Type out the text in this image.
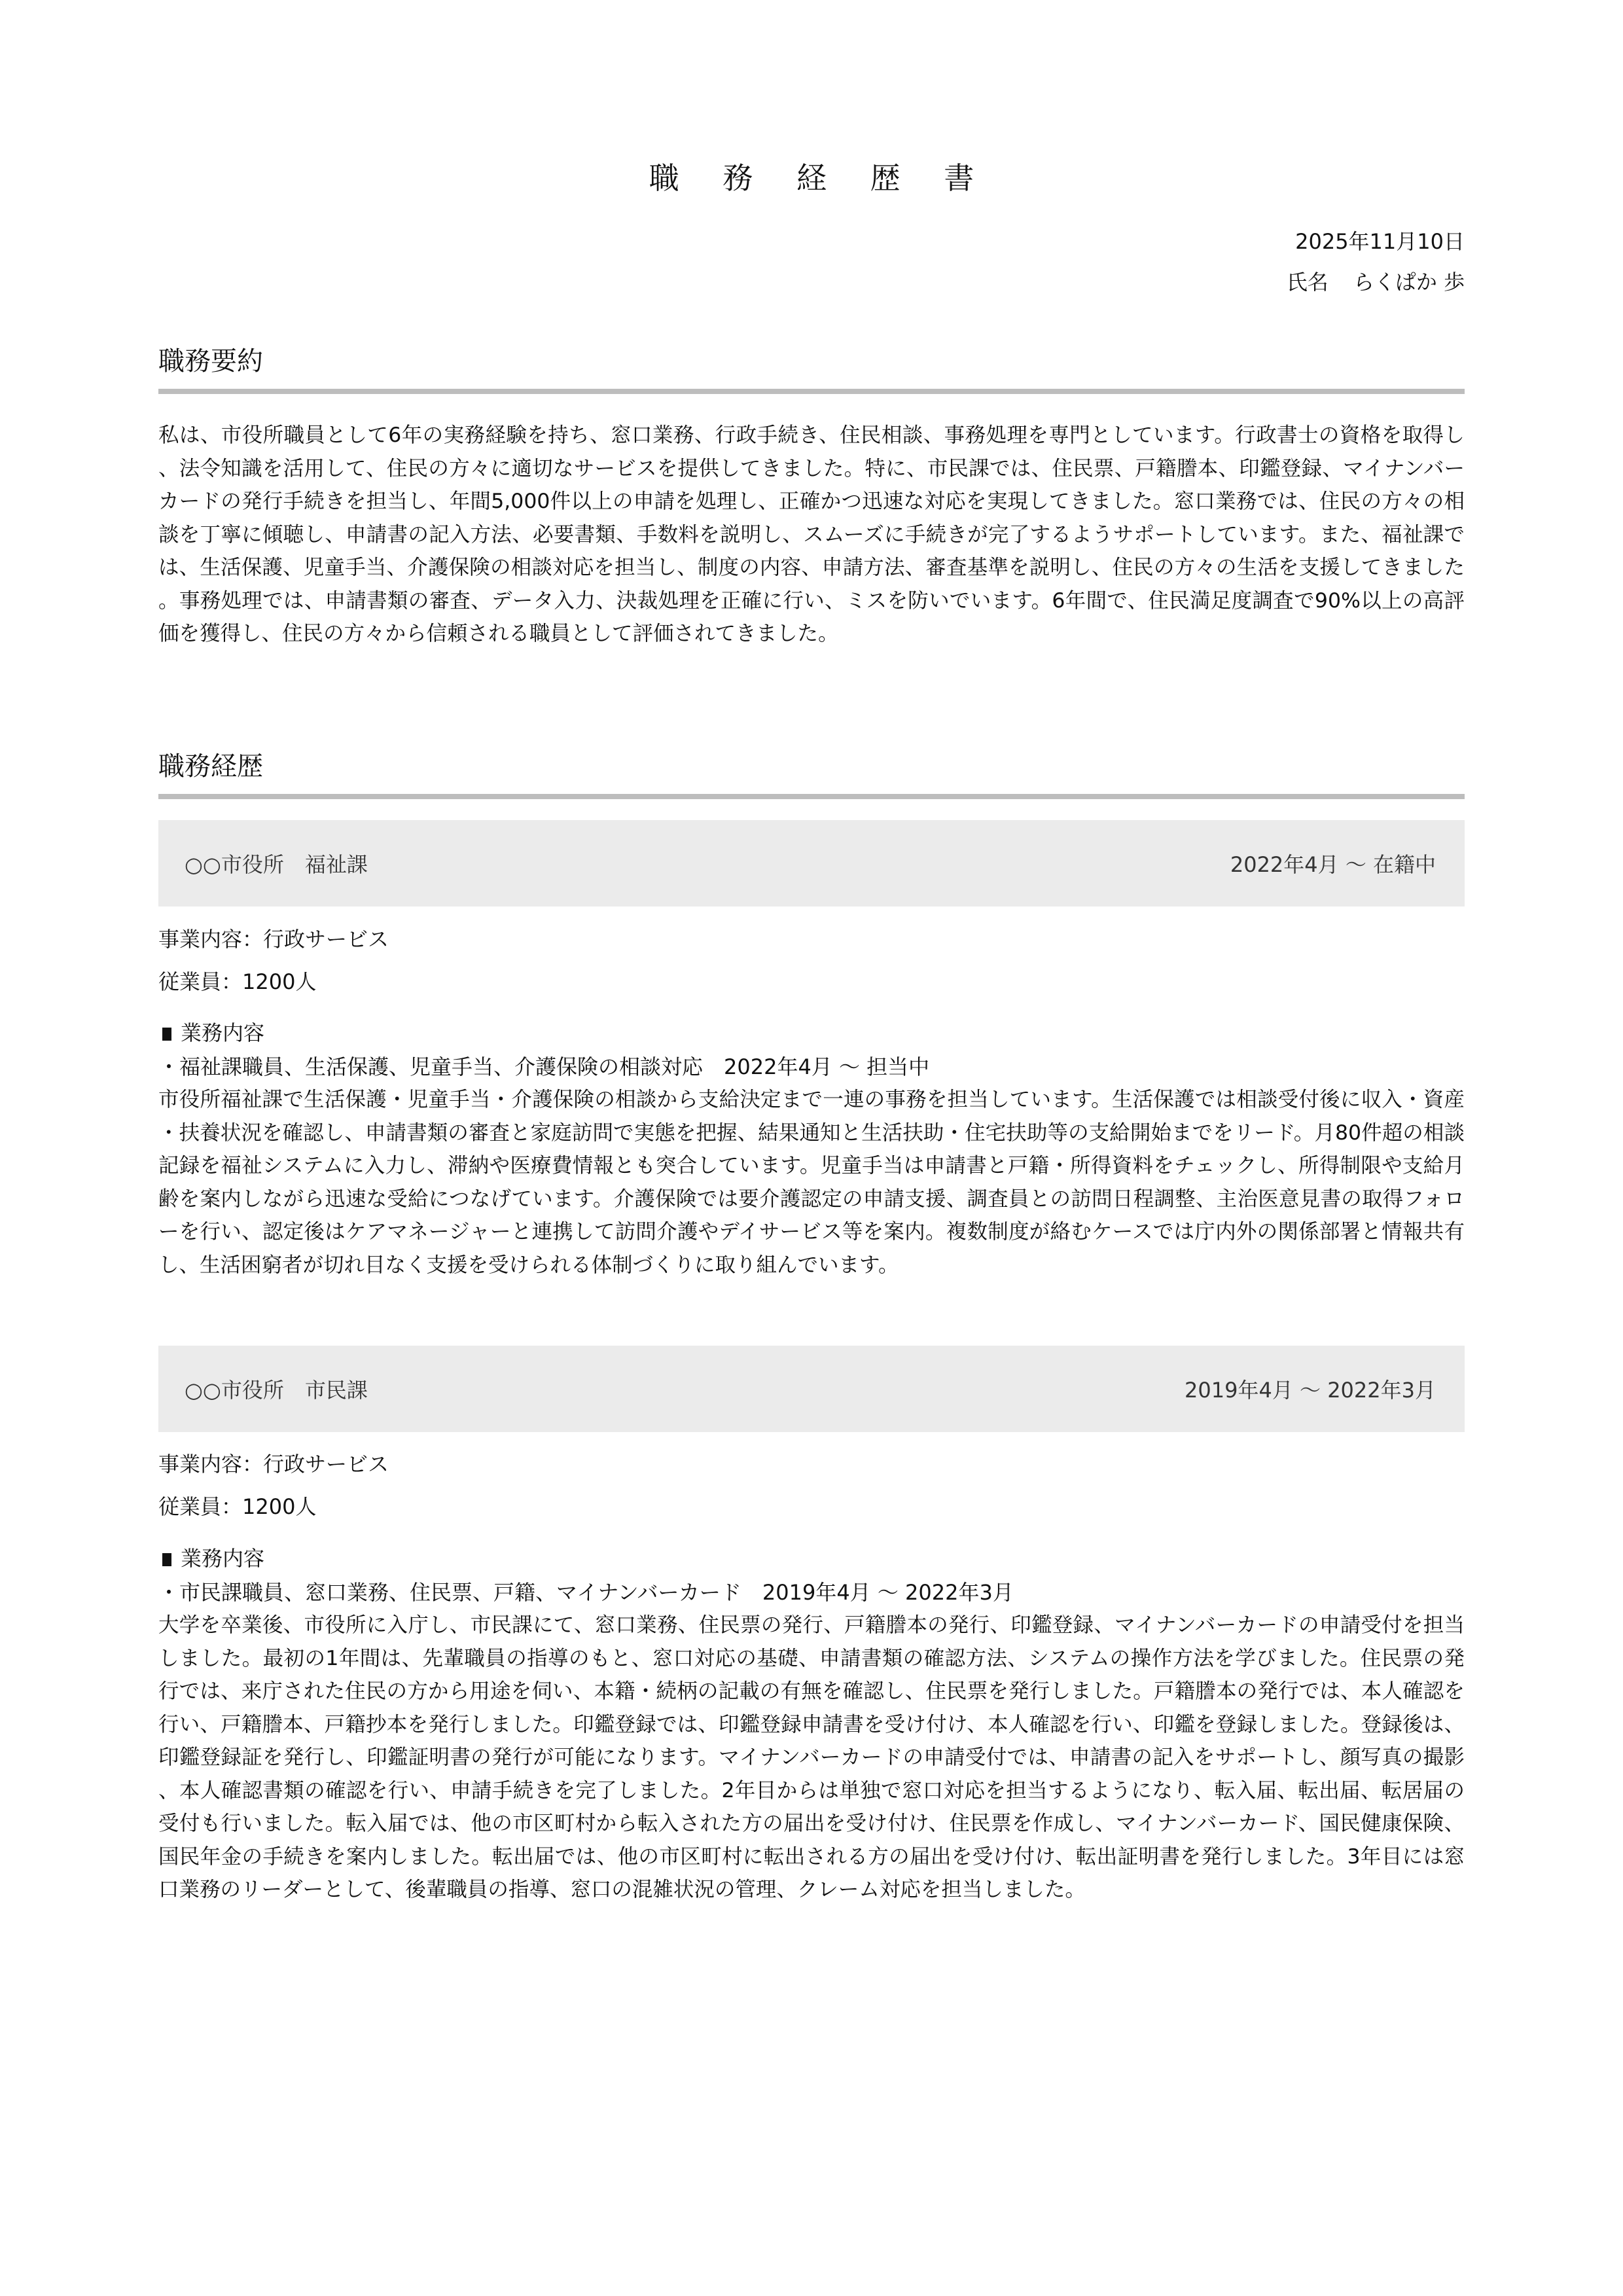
職 務 経 歴 書
2025年11月10日
氏名 らくぱか 歩
職務要約
私は、市役所職員として6年の実務経験を持ち、窓口業務、行政手続き、住民相談、事務処理を専門としています。行政書士の資格を取得し、法令知識を活用して、住民の方々に適切なサービスを提供してきました。特に、市民課では、住民票、戸籍謄本、印鑑登録、マイナンバーカードの発行手続きを担当し、年間5,000件以上の申請を処理し、正確かつ迅速な対応を実現してきました。窓口業務では、住民の方々の相談を丁寧に傾聴し、申請書の記入方法、必要書類、手数料を説明し、スムーズに手続きが完了するようサポートしています。また、福祉課では、生活保護、児童手当、介護保険の相談対応を担当し、制度の内容、申請方法、審査基準を説明し、住民の方々の生活を支援してきました。事務処理では、申請書類の審査、データ入力、決裁処理を正確に行い、ミスを防いでいます。6年間で、住民満足度調査で90%以上の高評価を獲得し、住民の方々から信頼される職員として評価されてきました。
職務経歴
○○市役所　福祉課	2022年4月 ～ 在籍中
事業内容：行政サービス
従業員：1200人
業務内容
・福祉課職員、生活保護、児童手当、介護保険の相談対応　2022年4月 ～ 担当中
市役所福祉課で生活保護・児童手当・介護保険の相談から支給決定まで一連の事務を担当しています。生活保護では相談受付後に収入・資産・扶養状況を確認し、申請書類の審査と家庭訪問で実態を把握、結果通知と生活扶助・住宅扶助等の支給開始までをリード。月80件超の相談記録を福祉システムに入力し、滞納や医療費情報とも突合しています。児童手当は申請書と戸籍・所得資料をチェックし、所得制限や支給月齢を案内しながら迅速な受給につなげています。介護保険では要介護認定の申請支援、調査員との訪問日程調整、主治医意見書の取得フォローを行い、認定後はケアマネージャーと連携して訪問介護やデイサービス等を案内。複数制度が絡むケースでは庁内外の関係部署と情報共有し、生活困窮者が切れ目なく支援を受けられる体制づくりに取り組んでいます。
○○市役所　市民課	2019年4月 ～ 2022年3月
事業内容：行政サービス
従業員：1200人
業務内容
・市民課職員、窓口業務、住民票、戸籍、マイナンバーカード　2019年4月 ～ 2022年3月
大学を卒業後、市役所に入庁し、市民課にて、窓口業務、住民票の発行、戸籍謄本の発行、印鑑登録、マイナンバーカードの申請受付を担当しました。最初の1年間は、先輩職員の指導のもと、窓口対応の基礎、申請書類の確認方法、システムの操作方法を学びました。住民票の発行では、来庁された住民の方から用途を伺い、本籍・続柄の記載の有無を確認し、住民票を発行しました。戸籍謄本の発行では、本人確認を行い、戸籍謄本、戸籍抄本を発行しました。印鑑登録では、印鑑登録申請書を受け付け、本人確認を行い、印鑑を登録しました。登録後は、印鑑登録証を発行し、印鑑証明書の発行が可能になります。マイナンバーカードの申請受付では、申請書の記入をサポートし、顔写真の撮影、本人確認書類の確認を行い、申請手続きを完了しました。2年目からは単独で窓口対応を担当するようになり、転入届、転出届、転居届の受付も行いました。転入届では、他の市区町村から転入された方の届出を受け付け、住民票を作成し、マイナンバーカード、国民健康保険、国民年金の手続きを案内しました。転出届では、他の市区町村に転出される方の届出を受け付け、転出証明書を発行しました。3年目には窓口業務のリーダーとして、後輩職員の指導、窓口の混雑状況の管理、クレーム対応を担当しました。
